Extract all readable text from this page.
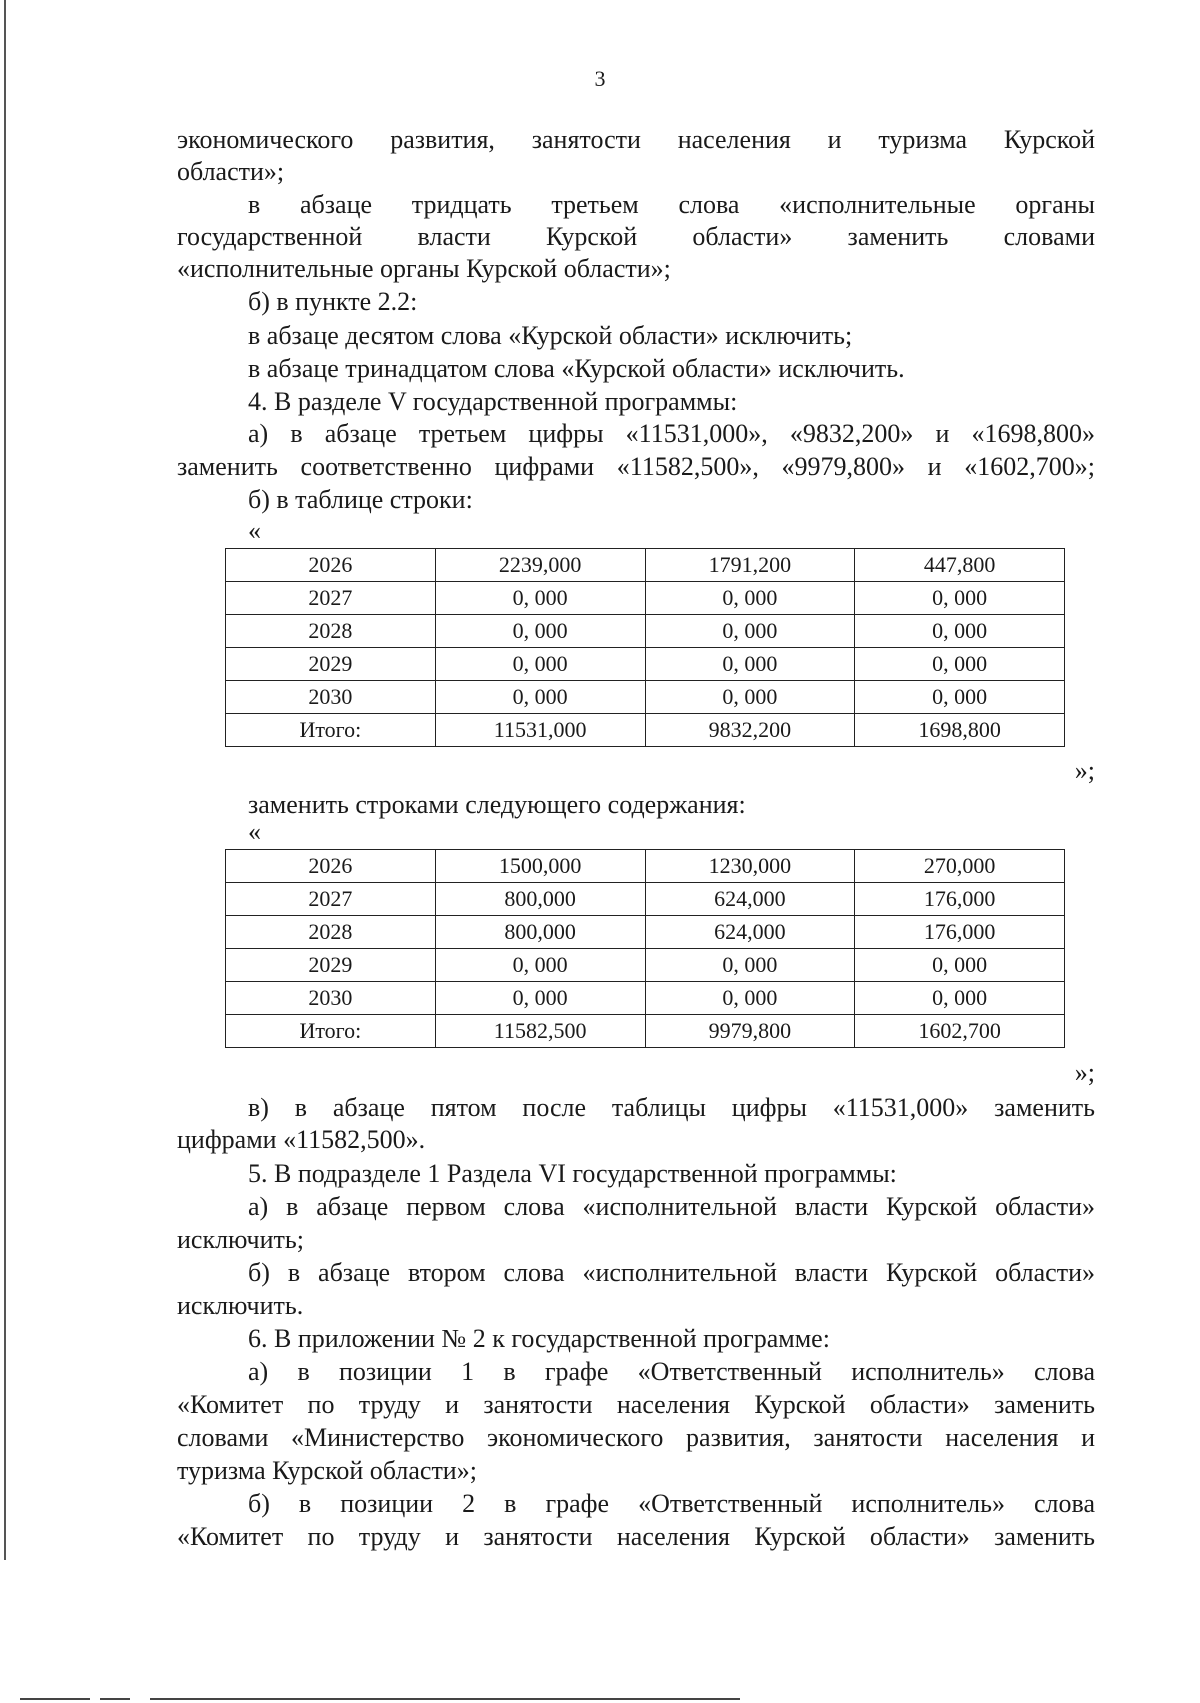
3
экономического развития, занятости населения и туризма Курской
области»;
в абзаце тридцать третьем слова «исполнительные органы
государственной власти Курской области» заменить словами
«исполнительные органы Курской области»;
б) в пункте 2.2:
в абзаце десятом слова «Курской области» исключить;
в абзаце тринадцатом слова «Курской области» исключить.
4. В разделе V государственной программы:
а) в абзаце третьем цифры «11531,000», «9832,200» и «1698,800»
заменить соответственно цифрами «11582,500», «9979,800» и «1602,700»;
б) в таблице строки:
«
2026	2239,000	1791,200	447,800
2027	0, 000	0, 000	0, 000
2028	0, 000	0, 000	0, 000
2029	0, 000	0, 000	0, 000
2030	0, 000	0, 000	0, 000
Итого:	11531,000	9832,200	1698,800
»;
заменить строками следующего содержания:
«
2026	1500,000	1230,000	270,000
2027	800,000	624,000	176,000
2028	800,000	624,000	176,000
2029	0, 000	0, 000	0, 000
2030	0, 000	0, 000	0, 000
Итого:	11582,500	9979,800	1602,700
»;
в) в абзаце пятом после таблицы цифры «11531,000» заменить
цифрами «11582,500».
5. В подразделе 1 Раздела VI государственной программы:
а) в абзаце первом слова «исполнительной власти Курской области»
исключить;
б) в абзаце втором слова «исполнительной власти Курской области»
исключить.
6. В приложении № 2 к государственной программе:
а) в позиции 1 в графе «Ответственный исполнитель» слова
«Комитет по труду и занятости населения Курской области» заменить
словами «Министерство экономического развития, занятости населения и
туризма Курской области»;
б) в позиции 2 в графе «Ответственный исполнитель» слова
«Комитет по труду и занятости населения Курской области» заменить
